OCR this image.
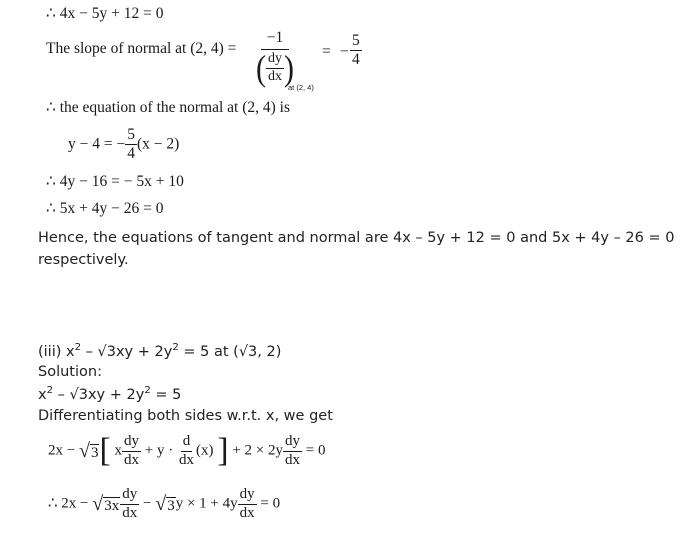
∴ 4x − 5y + 12 = 0
The slope of normal at (2, $4) = \frac{-1}{( \frac{dy}{dx} )}$
at (2, 4)
= − $\frac{5}{4}$
∴ the equation of the normal at (2, 4) is
y − 4 = − $\frac{5}{4} (x - 2)$
∴ 4y − 16 = − 5x + 10
∴ 5x + 4y − 26 = 0
Hence, the equations of tangent and normal are 4x – 5y + 12 = 0 and 5x + 4y – 26 = 0
respectively.
(iii) $x^2 - √3xy + 2y^2 = 5$ at (√3, 2)
Solution:
$x^2 - √3xy + 2y^2 = 5$
Differentiating both sides w.r.t. x, we get
2x − √ 3 [ x $\frac{dy}{dx} + y \cdot \frac{d}{dx} (x)$ ] + $2 \times 2y \frac{dy}{dx} = 0$
∴ 2x − √ $3x \frac{dy}{dx}$ − √ 3 $y \times 1 + 4y \frac{dy}{dx} = 0$
